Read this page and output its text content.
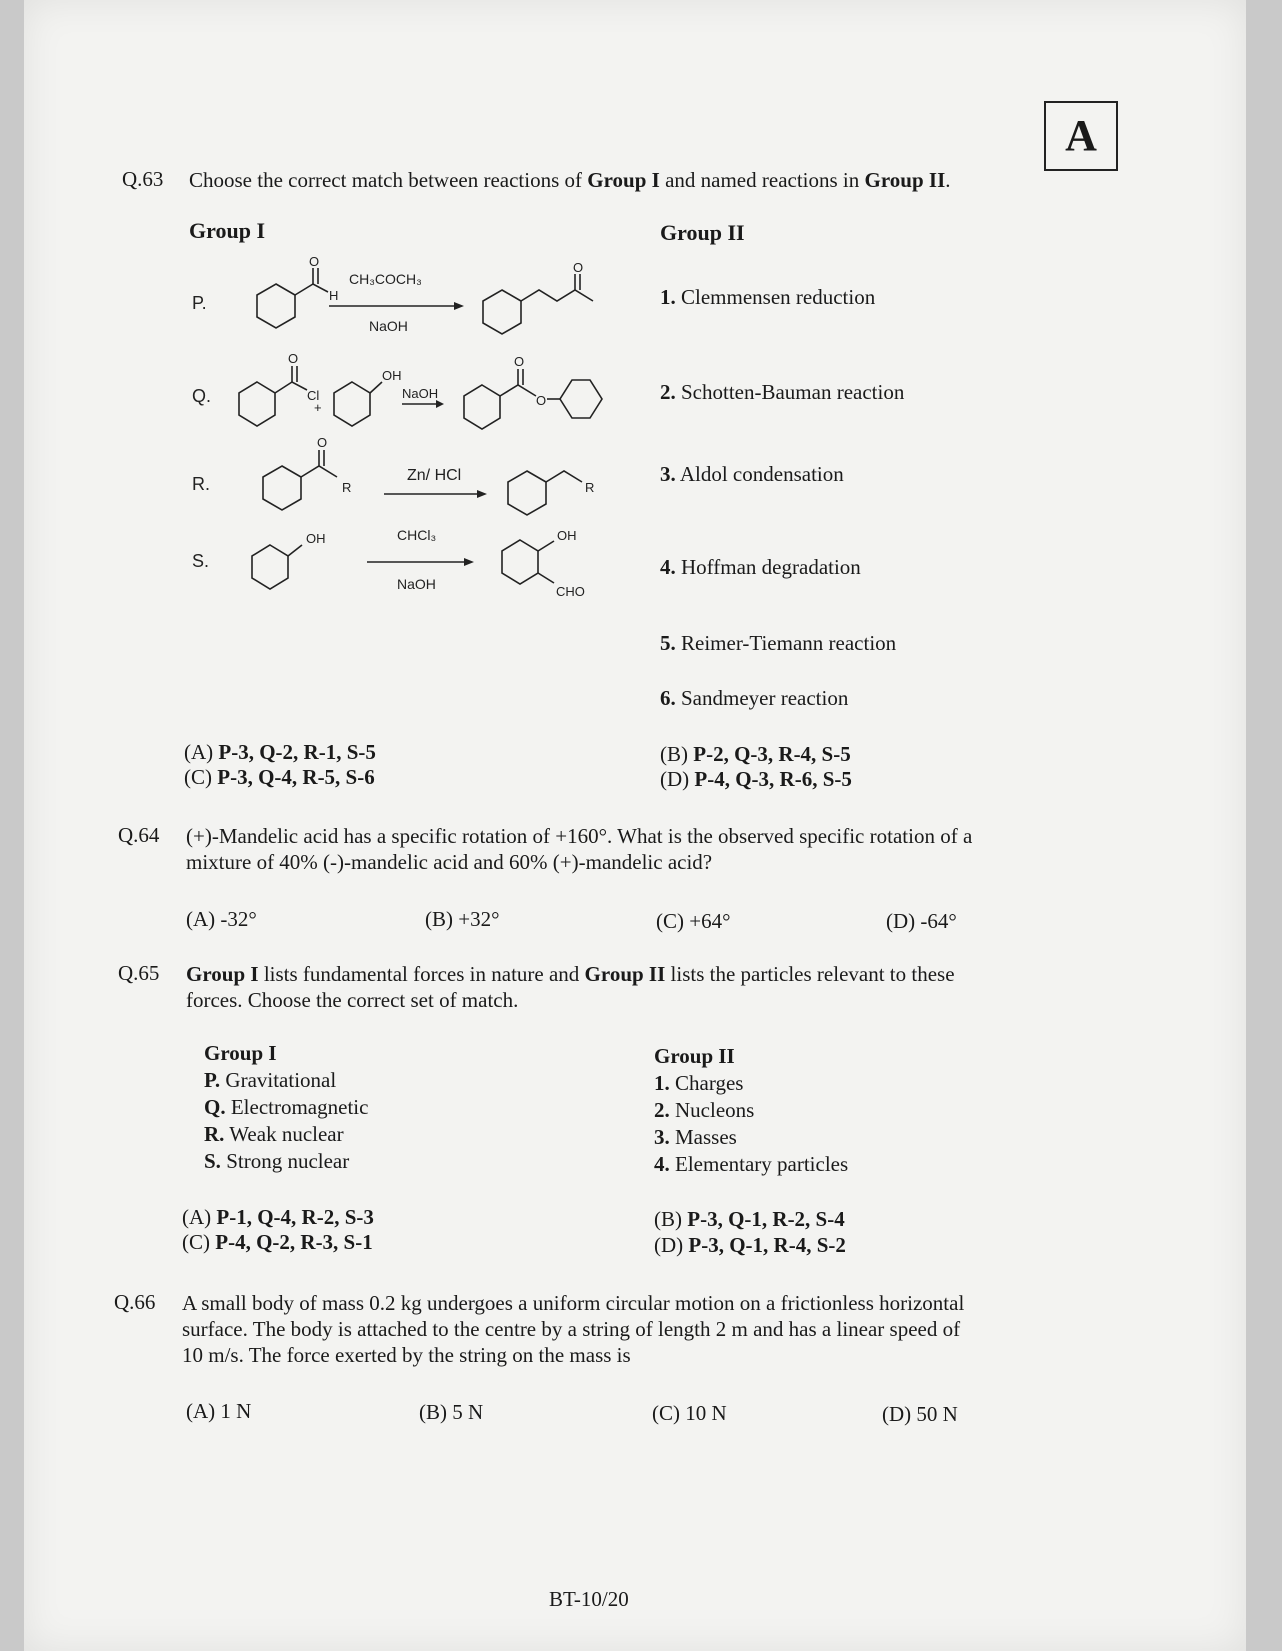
A
Q.63 Choose the correct match between reactions of Group I and named reactions in Group II.
Group I	Group II
P.
O
H
CH₃COCH₃
NaOH
O
Q.
O
Cl
+
OH
NaOH
O
O
R.
O
R
Zn/ HCl
R
S.
OH	CHCl₃
NaOH
OH
CHO
1. Clemmensen reduction
2. Schotten-Bauman reaction
3. Aldol condensation
4. Hoffman degradation
5. Reimer-Tiemann reaction
6. Sandmeyer reaction
(A) P-3, Q-2, R-1, S-5	(B) P-2, Q-3, R-4, S-5
(C) P-3, Q-4, R-5, S-6	(D) P-4, Q-3, R-6, S-5
Q.64 (+)-Mandelic acid has a specific rotation of +160°. What is the observed specific rotation of a
mixture of 40% (-)-mandelic acid and 60% (+)-mandelic acid?
(A) -32°	(B) +32°	(C) +64°	(D) -64°
Q.65 Group I lists fundamental forces in nature and Group II lists the particles relevant to these
forces. Choose the correct set of match.
Group I
P. Gravitational
Q. Electromagnetic
R. Weak nuclear
S. Strong nuclear
Group II
1. Charges
2. Nucleons
3. Masses
4. Elementary particles
(A) P-1, Q-4, R-2, S-3	(B) P-3, Q-1, R-2, S-4
(C) P-4, Q-2, R-3, S-1	(D) P-3, Q-1, R-4, S-2
Q.66 A small body of mass 0.2 kg undergoes a uniform circular motion on a frictionless horizontal
surface. The body is attached to the centre by a string of length 2 m and has a linear speed of
10 m/s. The force exerted by the string on the mass is
(A) 1 N	(B) 5 N	(C) 10 N	(D) 50 N
BT-10/20
